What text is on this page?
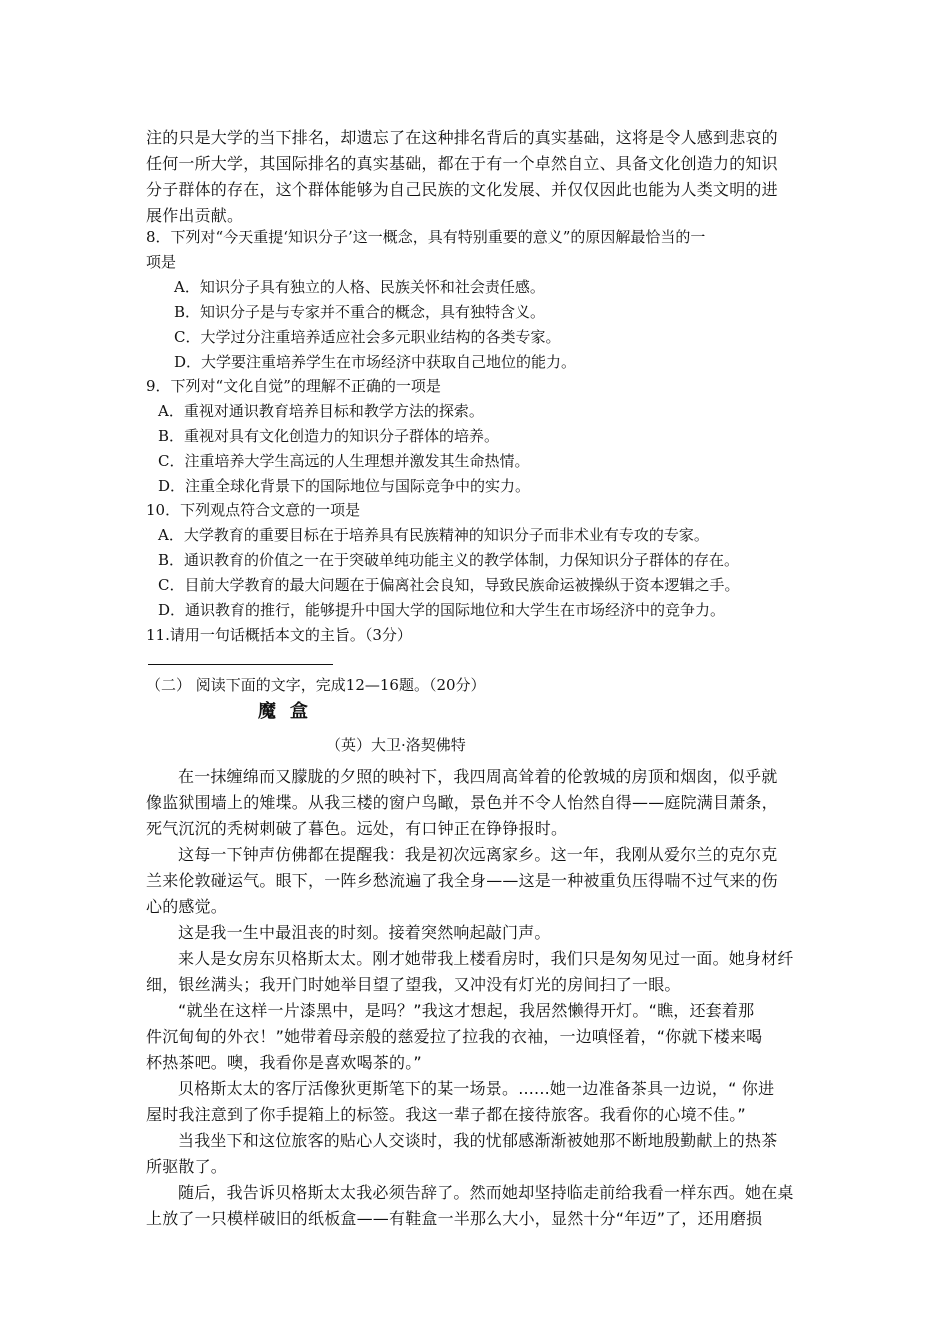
注的只是大学的当下排名，却遗忘了在这种排名背后的真实基础，这将是令人感到悲哀的
任何一所大学，其国际排名的真实基础，都在于有一个卓然自立、具备文化创造力的知识
分子群体的存在，这个群体能够为自己民族的文化发展、并仅仅因此也能为人类文明的进
展作出贡献。
8．下列对“今天重提‘知识分子’这一概念，具有特别重要的意义”的原因解最恰当的一
项是
A．知识分子具有独立的人格、民族关怀和社会责任感。
B．知识分子是与专家并不重合的概念，具有独特含义。
C．大学过分注重培养适应社会多元职业结构的各类专家。
D．大学要注重培养学生在市场经济中获取自己地位的能力。
9．下列对“文化自觉”的理解不正确的一项是
A．重视对通识教育培养目标和教学方法的探索。
B．重视对具有文化创造力的知识分子群体的培养。
C．注重培养大学生高远的人生理想并激发其生命热情。
D．注重全球化背景下的国际地位与国际竞争中的实力。
10．下列观点符合文意的一项是
A．大学教育的重要目标在于培养具有民族精神的知识分子而非术业有专攻的专家。
B．通识教育的价值之一在于突破单纯功能主义的教学体制，力保知识分子群体的存在。
C．目前大学教育的最大问题在于偏离社会良知，导致民族命运被操纵于资本逻辑之手。
D．通识教育的推行，能够提升中国大学的国际地位和大学生在市场经济中的竞争力。
11.请用一句话概括本文的主旨。（3分）
（二） 阅读下面的文字，完成12—16题。（20分）
魔盒
（英）大卫·洛契佛特
在一抹缠绵而又朦胧的夕照的映衬下，我四周高耸着的伦敦城的房顶和烟囱，似乎就
像监狱围墙上的雉堞。从我三楼的窗户鸟瞰，景色并不令人怡然自得——庭院满目萧条，
死气沉沉的秃树刺破了暮色。远处，有口钟正在铮铮报时。
这每一下钟声仿佛都在提醒我：我是初次远离家乡。这一年，我刚从爱尔兰的克尔克
兰来伦敦碰运气。眼下，一阵乡愁流遍了我全身——这是一种被重负压得喘不过气来的伤
心的感觉。
这是我一生中最沮丧的时刻。接着突然响起敲门声。
来人是女房东贝格斯太太。刚才她带我上楼看房时，我们只是匆匆见过一面。她身材纤
细，银丝满头；我开门时她举目望了望我，又冲没有灯光的房间扫了一眼。
“就坐在这样一片漆黑中，是吗？”我这才想起，我居然懒得开灯。“瞧，还套着那
件沉甸甸的外衣！”她带着母亲般的慈爱拉了拉我的衣袖，一边嗔怪着，“你就下楼来喝
杯热茶吧。噢，我看你是喜欢喝茶的。”
贝格斯太太的客厅活像狄更斯笔下的某一场景。......她一边准备茶具一边说，“ 你进
屋时我注意到了你手提箱上的标签。我这一辈子都在接待旅客。我看你的心境不佳。”
当我坐下和这位旅客的贴心人交谈时，我的忧郁感渐渐被她那不断地殷勤献上的热茶
所驱散了。
随后，我告诉贝格斯太太我必须告辞了。然而她却坚持临走前给我看一样东西。她在桌
上放了一只模样破旧的纸板盒——有鞋盒一半那么大小，显然十分“年迈”了，还用磨损
